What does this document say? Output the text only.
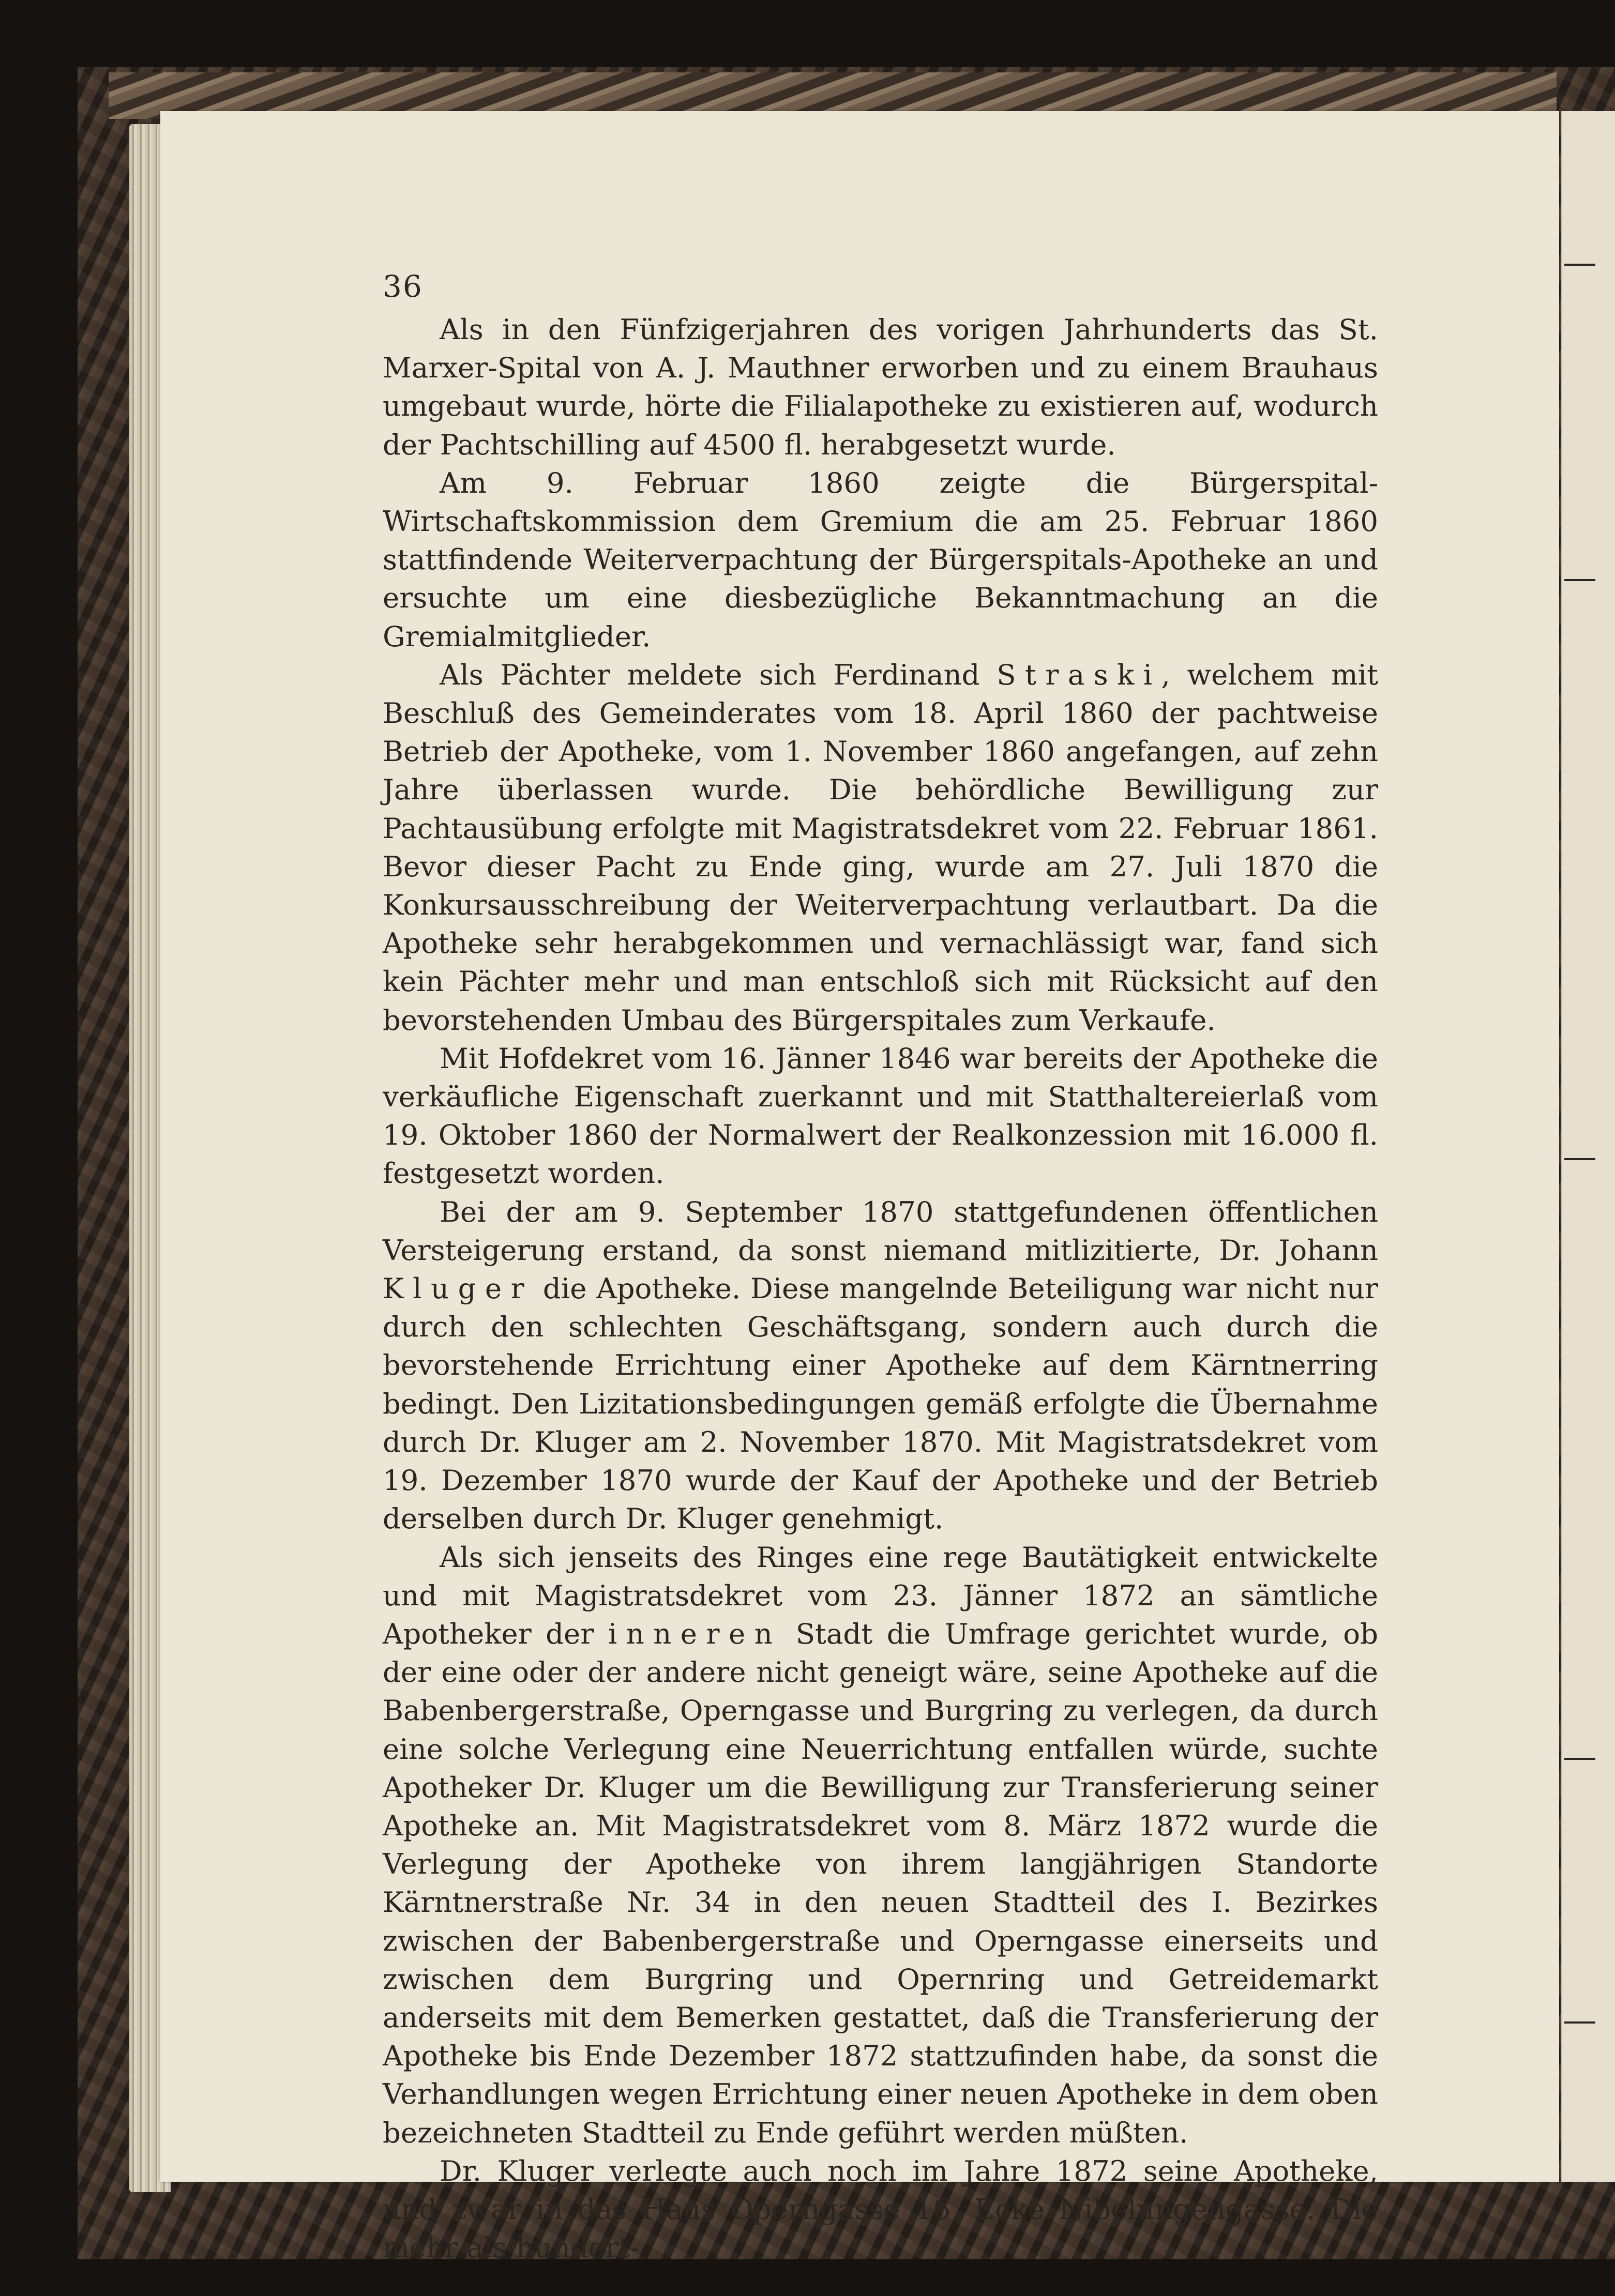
36

Als in den Fünfzigerjahren des vorigen Jahrhunderts das St. Marxer-Spital von A. J. Mauthner erworben und zu einem Brauhaus umgebaut wurde, hörte die Filialapotheke zu existieren auf, wodurch der Pachtschilling auf 4500 fl. herabgesetzt wurde.

Am 9. Februar 1860 zeigte die Bürgerspital-Wirtschaftskommission dem Gremium die am 25. Februar 1860 stattfindende Weiterverpachtung der Bürgerspitals-Apotheke an und ersuchte um eine diesbezügliche Bekanntmachung an die Gremialmitglieder.

Als Pächter meldete sich Ferdinand Straski, welchem mit Beschluß des Gemeinderates vom 18. April 1860 der pachtweise Betrieb der Apotheke, vom 1. November 1860 angefangen, auf zehn Jahre überlassen wurde. Die behördliche Bewilligung zur Pachtausübung erfolgte mit Magistratsdekret vom 22. Februar 1861. Bevor dieser Pacht zu Ende ging, wurde am 27. Juli 1870 die Konkursausschreibung der Weiterverpachtung verlautbart. Da die Apotheke sehr herabgekommen und vernachlässigt war, fand sich kein Pächter mehr und man entschloß sich mit Rücksicht auf den bevorstehenden Umbau des Bürgerspitales zum Verkaufe.

Mit Hofdekret vom 16. Jänner 1846 war bereits der Apotheke die verkäufliche Eigenschaft zuerkannt und mit Statthaltereierlaß vom 19. Oktober 1860 der Normalwert der Realkonzession mit 16.000 fl. festgesetzt worden.

Bei der am 9. September 1870 stattgefundenen öffentlichen Versteigerung erstand, da sonst niemand mitlizitierte, Dr. Johann Kluger die Apotheke. Diese mangelnde Beteiligung war nicht nur durch den schlechten Geschäftsgang, sondern auch durch die bevorstehende Errichtung einer Apotheke auf dem Kärntnerring bedingt. Den Lizitationsbedingungen gemäß erfolgte die Übernahme durch Dr. Kluger am 2. November 1870. Mit Magistratsdekret vom 19. Dezember 1870 wurde der Kauf der Apotheke und der Betrieb derselben durch Dr. Kluger genehmigt.

Als sich jenseits des Ringes eine rege Bautätigkeit entwickelte und mit Magistratsdekret vom 23. Jänner 1872 an sämtliche Apotheker der inneren Stadt die Umfrage gerichtet wurde, ob der eine oder der andere nicht geneigt wäre, seine Apotheke auf die Babenbergerstraße, Operngasse und Burgring zu verlegen, da durch eine solche Verlegung eine Neuerrichtung entfallen würde, suchte Apotheker Dr. Kluger um die Bewilligung zur Transferierung seiner Apotheke an. Mit Magistratsdekret vom 8. März 1872 wurde die Verlegung der Apotheke von ihrem langjährigen Standorte Kärntnerstraße Nr. 34 in den neuen Stadtteil des I. Bezirkes zwischen der Babenbergerstraße und Operngasse einerseits und zwischen dem Burgring und Opernring und Getreidemarkt anderseits mit dem Bemerken gestattet, daß die Transferierung der Apotheke bis Ende Dezember 1872 stattzufinden habe, da sonst die Verhandlungen wegen Errichtung einer neuen Apotheke in dem oben bezeichneten Stadtteil zu Ende geführt werden müßten.

Dr. Kluger verlegte auch noch im Jahre 1872 seine Apotheke, und zwar in das Haus Operngasse 16, Ecke Nibelungengasse. Die mehr als hundert-
